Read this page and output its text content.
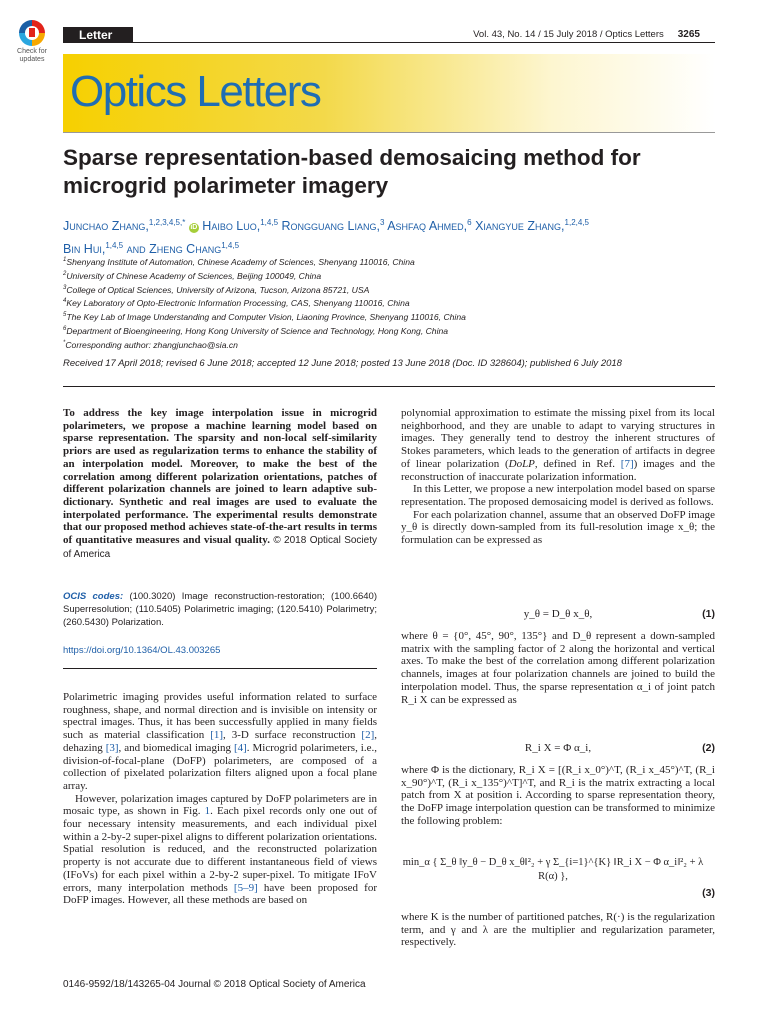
Check for updates
Letter	Vol. 43, No. 14 / 15 July 2018 / Optics Letters 3265
Optics Letters
Sparse representation-based demosaicing method for microgrid polarimeter imagery
Junchao Zhang,$^{1,2,3,4,5,*}$ iD Haibo Luo,$^{1,4,5}$ Rongguang Liang,$^3$ Ashfaq Ahmed,$^6$ Xiangyue Zhang,$^{1,2,4,5}$
Bin Hui,$^{1,4,5}$ and Zheng Chang$^{1,4,5}$
$^1$Shenyang Institute of Automation, Chinese Academy of Sciences, Shenyang 110016, China
$^2$University of Chinese Academy of Sciences, Beijing 100049, China
$^3$College of Optical Sciences, University of Arizona, Tucson, Arizona 85721, USA
$^4$Key Laboratory of Opto-Electronic Information Processing, CAS, Shenyang 110016, China
$^5$The Key Lab of Image Understanding and Computer Vision, Liaoning Province, Shenyang 110016, China
$^6$Department of Bioengineering, Hong Kong University of Science and Technology, Hong Kong, China
*Corresponding author: zhangjunchao@sia.cn
Received 17 April 2018; revised 6 June 2018; accepted 12 June 2018; posted 13 June 2018 (Doc. ID 328604); published 6 July 2018
To address the key image interpolation issue in microgrid polarimeters, we propose a machine learning model based on sparse representation. The sparsity and non-local self-similarity priors are used as regularization terms to enhance the stability of an interpolation model. Moreover, to make the best of the correlation among different polarization orientations, patches of different polarization channels are joined to learn adaptive sub-dictionary. Synthetic and real images are used to evaluate the interpolated performance. The experimental results demonstrate that our proposed method achieves state-of-the-art results in terms of quantitative measures and visual quality. © 2018 Optical Society of America
OCIS codes: (100.3020) Image reconstruction-restoration; (100.6640) Superresolution; (110.5405) Polarimetric imaging; (120.5410) Polarimetry; (260.5430) Polarization.
https://doi.org/10.1364/OL.43.003265

Polarimetric imaging provides useful information related to surface roughness, shape, and normal direction and is invisible on intensity or spectral images. Thus, it has been successfully applied in many fields such as material classification [1], 3-D surface reconstruction [2], dehazing [3], and biomedical imaging [4]. Microgrid polarimeters, i.e., division-of-focal-plane (DoFP) polarimeters, are composed of a collection of pixelated polarization filters aligned upon a focal plane array.

However, polarization images captured by DoFP polarimeters are in mosaic type, as shown in Fig. 1. Each pixel records only one out of four necessary intensity measurements, and each individual pixel within a 2-by-2 super-pixel aligns to different polarization orientations. Spatial resolution is reduced, and the reconstructed polarization property is not accurate due to different instantaneous field of views (IFoVs) for each pixel within a 2-by-2 super-pixel. To mitigate IFoV errors, many interpolation methods [5–9] have been proposed for DoFP images. However, all these methods are based on

polynomial approximation to estimate the missing pixel from its local neighborhood, and they are unable to adapt to varying structures in images. They generally tend to destroy the inherent structures of Stokes parameters, which leads to the generation of artifacts in degree of linear polarization (DoLP, defined in Ref. [7]) images and the reconstruction of inaccurate polarization information.

In this Letter, we propose a new interpolation model based on sparse representation. The proposed demosaicing model is derived as follows.

For each polarization channel, assume that an observed DoFP image y_θ is directly down-sampled from its full-resolution image x_θ; the formulation can be expressed as

y_θ = D_θ x_θ,	(1)
where θ = {0°, 45°, 90°, 135°} and D_θ represent a down-sampled matrix with the sampling factor of 2 along the horizontal and vertical axes. To make the best of the correlation among different polarization channels, images at four polarization channels are joined to build the interpolation model. Thus, the sparse representation α_i of joint patch R_i X can be expressed as
R_i X = Φ α_i,	(2)
where Φ is the dictionary, R_i X = [(R_i x_0°)^T, (R_i x_45°)^T, (R_i x_90°)^T, (R_i x_135°)^T]^T, and R_i is the matrix extracting a local patch from X at position i. According to sparse representation theory, the DoFP image interpolation question can be transformed to minimize the following problem:
min_α { Σ_θ ‖y_θ − D_θ x_θ‖²₂ + γ Σ_{i=1}^{K} ‖R_i X − Φ α_i‖²₂ + λ R(α) },
(3)
where K is the number of partitioned patches, R(·) is the regularization term, and γ and λ are the multiplier and regularization parameter, respectively.
0146-9592/18/143265-04 Journal © 2018 Optical Society of America
